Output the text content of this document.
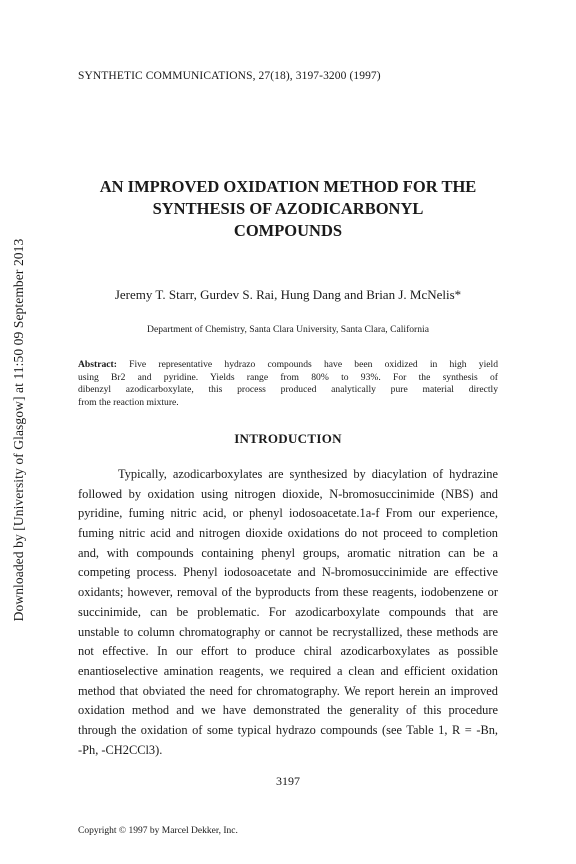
Downloaded by [University of Glasgow] at 11:50 09 September 2013
SYNTHETIC COMMUNICATIONS, 27(18), 3197-3200 (1997)
AN IMPROVED OXIDATION METHOD FOR THE
SYNTHESIS OF AZODICARBONYL
COMPOUNDS
Jeremy T. Starr, Gurdev S. Rai, Hung Dang and Brian J. McNelis*
Department of Chemistry, Santa Clara University, Santa Clara, California
Abstract: Five representative hydrazo compounds have been oxidized in high yield
using Br2 and pyridine. Yields range from 80% to 93%. For the synthesis of
dibenzyl azodicarboxylate, this process produced analytically pure material directly
from the reaction mixture.
INTRODUCTION
Typically, azodicarboxylates are synthesized by diacylation of hydrazine
followed by oxidation using nitrogen dioxide, N-bromosuccinimide (NBS) and
pyridine, fuming nitric acid, or phenyl iodosoacetate.1a-f From our experience,
fuming nitric acid and nitrogen dioxide oxidations do not proceed to completion
and, with compounds containing phenyl groups, aromatic nitration can be a
competing process. Phenyl iodosoacetate and N-bromosuccinimide are effective
oxidants; however, removal of the byproducts from these reagents, iodobenzene or
succinimide, can be problematic. For azodicarboxylate compounds that are
unstable to column chromatography or cannot be recrystallized, these methods are
not effective. In our effort to produce chiral azodicarboxylates as possible
enantioselective amination reagents, we required a clean and efficient oxidation
method that obviated the need for chromatography. We report herein an improved
oxidation method and we have demonstrated the generality of this procedure
through the oxidation of some typical hydrazo compounds (see Table 1, R = -Bn,
-Ph, -CH2CCl3).
3197
Copyright © 1997 by Marcel Dekker, Inc.
